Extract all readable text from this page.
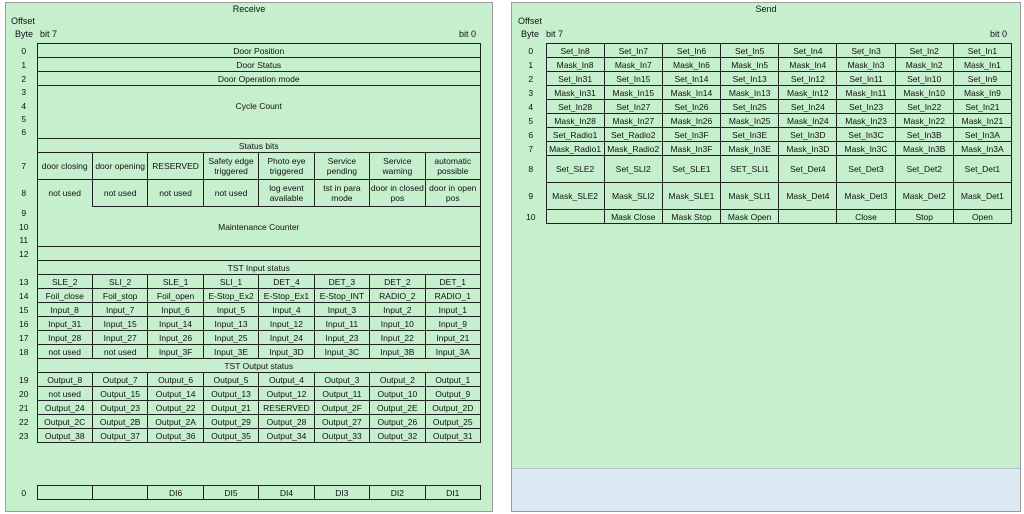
Receive
Offset
Byte bit 7	bit 0
0	Door Position							
1	Door Status							
2	Door Operation mode							
3								
4	Cycle Count							
5								
6								
	Status bits							
7	door closing	door opening	RESERVED	Safety edge triggered	Photo eye triggered	Service pending	Service warning	automatic possible
8	not used	not used	not used	not used	log event available	tst in para mode	door in closed pos	door in open pos
9								
10	Maintenance Counter							
11								
12								
	TST Input status							
13	SLE_2	SLI_2	SLE_1	SLI_1	DET_4	DET_3	DET_2	DET_1
14	Foil_close	Foil_stop	Foil_open	E-Stop_Ex2	E-Stop_Ex1	E-Stop_INT	RADIO_2	RADIO_1
15	Input_8	Input_7	Input_6	Input_5	Input_4	Input_3	Input_2	Input_1
16	Input_31	Input_15	Input_14	Input_13	Input_12	Input_11	Input_10	Input_9
17	Input_28	Input_27	Input_26	Input_25	Input_24	Input_23	Input_22	Input_21
18	not used	not used	Input_3F	Input_3E	Input_3D	Input_3C	Input_3B	Input_3A
	TST Output status							
19	Output_8	Output_7	Output_6	Output_5	Output_4	Output_3	Output_2	Output_1
20	not used	Output_15	Output_14	Output_13	Output_12	Output_11	Output_10	Output_9
21	Output_24	Output_23	Output_22	Output_21	RESERVED	Output_2F	Output_2E	Output_2D
22	Output_2C	Output_2B	Output_2A	Output_29	Output_28	Output_27	Output_26	Output_25
23	Output_38	Output_37	Output_36	Output_35	Output_34	Output_33	Output_32	Output_31
0			DI6	DI5	DI4	DI3	DI2	DI1
Send
Offset
Byte bit 7	bit 0
0	Set_In8	Set_In7	Set_In6	Set_In5	Set_In4	Set_In3	Set_In2	Set_In1
1	Mask_In8	Mask_In7	Mask_In6	Mask_In5	Mask_In4	Mask_In3	Mask_In2	Mask_In1
2	Set_In31	Set_In15	Set_In14	Set_In13	Set_In12	Set_In11	Set_In10	Set_In9
3	Mask_In31	Mask_In15	Mask_In14	Mask_In13	Mask_In12	Mask_In11	Mask_In10	Mask_In9
4	Set_In28	Set_In27	Set_In26	Set_In25	Set_In24	Set_In23	Set_In22	Set_In21
5	Mask_In28	Mask_In27	Mask_In26	Mask_In25	Mask_In24	Mask_In23	Mask_In22	Mask_In21
6	Set_Radio1	Set_Radio2	Set_In3F	Set_In3E	Set_In3D	Set_In3C	Set_In3B	Set_In3A
7	Mask_Radio1	Mask_Radio2	Mask_In3F	Mask_In3E	Mask_In3D	Mask_In3C	Mask_In3B	Mask_In3A
8	Set_SLE2	Set_SLI2	Set_SLE1	SET_SLI1	Set_Det4	Set_Det3	Set_Det2	Set_Det1
9	Mask_SLE2	Mask_SLI2	Mask_SLE1	Mask_SLI1	Mask_Det4	Mask_Det3	Mask_Det2	Mask_Det1
10		Mask Close	Mask Stop	Mask Open		Close	Stop	Open
